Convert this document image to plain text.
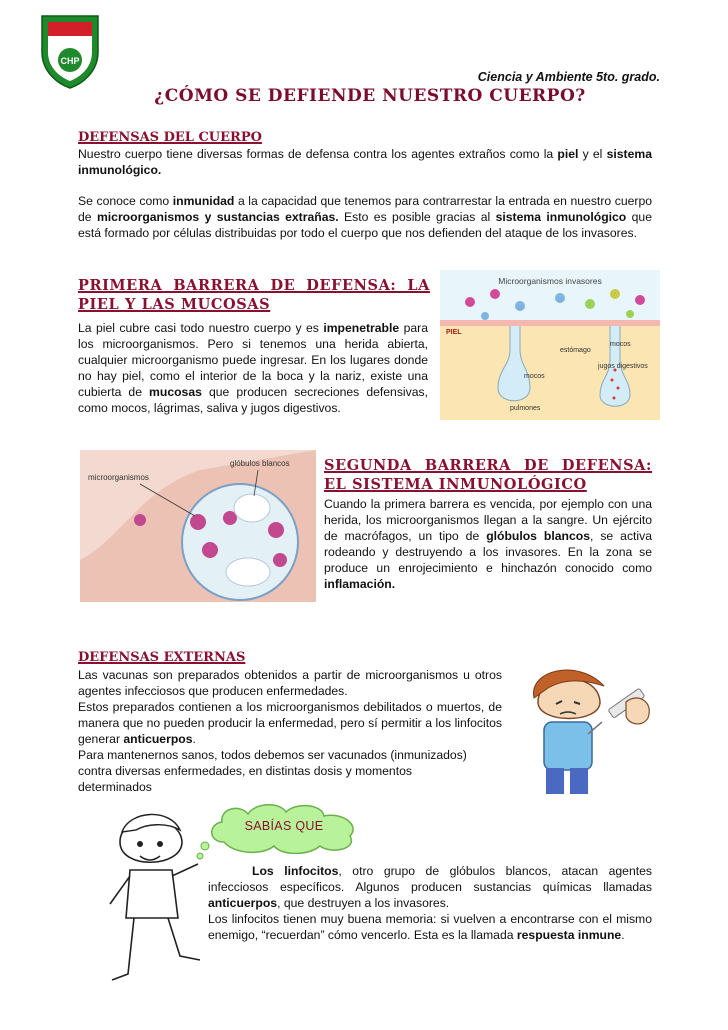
CHP
Ciencia y Ambiente 5to. grado.
¿CÓMO SE DEFIENDE NUESTRO CUERPO?
DEFENSAS DEL CUERPO

Nuestro cuerpo tiene diversas formas de defensa contra los agentes extraños como la piel y el sistema inmunológico.

Se conoce como inmunidad a la capacidad que tenemos para contrarrestar la entrada en nuestro cuerpo de microorganismos y sustancias extrañas. Esto es posible gracias al sistema inmunológico que está formado por células distribuidas por todo el cuerpo que nos defienden del ataque de los invasores.

PRIMERA BARRERA DE DEFENSA: LA PIEL Y LAS MUCOSAS

La piel cubre casi todo nuestro cuerpo y es impenetrable para los microorganismos. Pero si tenemos una herida abierta, cualquier microorganismo puede ingresar. En los lugares donde no hay piel, como el interior de la boca y la nariz, existe una cubierta de mucosas que producen secreciones defensivas, como mocos, lágrimas, saliva y jugos digestivos.

Microorganismos invasores
PIEL
estómago
mocos
mocos
jugos digestivos
pulmones
microorganismos
glóbulos blancos SEGUNDA BARRERA DE DEFENSA: EL SISTEMA INMUNOLÓGICO

Cuando la primera barrera es vencida, por ejemplo con una herida, los microorganismos llegan a la sangre. Un ejército de macrófagos, un tipo de glóbulos blancos, se activa rodeando y destruyendo a los invasores. En la zona se produce un enrojecimiento e hinchazón conocido como inflamación.

DEFENSAS EXTERNAS

Las vacunas son preparados obtenidos a partir de microorganismos u otros agentes infecciosos que producen enfermedades.

Estos preparados contienen a los microorganismos debilitados o muertos, de manera que no pueden producir la enfermedad, pero sí permitir a los linfocitos generar anticuerpos.

Para mantenernos sanos, todos debemos ser vacunados (inmunizados) contra diversas enfermedades, en distintas dosis y momentos determinados

SABÍAS QUE

Los linfocitos, otro grupo de glóbulos blancos, atacan agentes infecciosos específicos. Algunos producen sustancias químicas llamadas anticuerpos, que destruyen a los invasores.

Los linfocitos tienen muy buena memoria: si vuelven a encontrarse con el mismo enemigo, “recuerdan” cómo vencerlo. Esta es la llamada respuesta inmune.
